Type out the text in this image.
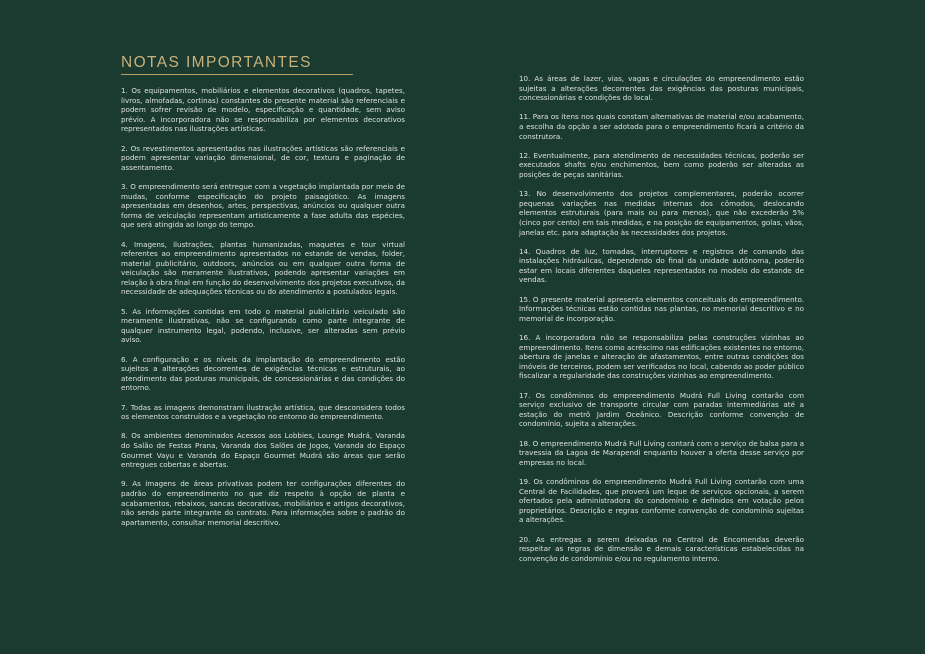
NOTAS IMPORTANTES

1. Os equipamentos, mobiliários e elementos decorativos (quadros, tapetes, livros, almofadas, cortinas) constantes do presente material são referenciais e podem sofrer revisão de modelo, especificação e quantidade, sem aviso prévio. A incorporadora não se responsabiliza por elementos decorativos representados nas ilustrações artísticas.

2. Os revestimentos apresentados nas ilustrações artísticas são referenciais e podem apresentar variação dimensional, de cor, textura e paginação de assentamento.

3. O empreendimento será entregue com a vegetação implantada por meio de mudas, conforme especificação do projeto paisagístico. As imagens apresentadas em desenhos, artes, perspectivas, anúncios ou qualquer outra forma de veiculação representam artisticamente a fase adulta das espécies, que será atingida ao longo do tempo.

4. Imagens, ilustrações, plantas humanizadas, maquetes e tour virtual referentes ao empreendimento apresentados no estande de vendas, folder, material publicitário, outdoors, anúncios ou em qualquer outra forma de veiculação são meramente ilustrativos, podendo apresentar variações em relação à obra final em função do desenvolvimento dos projetos executivos, da necessidade de adequações técnicas ou do atendimento a postulados legais.

5. As informações contidas em todo o material publicitário veiculado são meramente ilustrativas, não se configurando como parte integrante de qualquer instrumento legal, podendo, inclusive, ser alteradas sem prévio aviso.

6. A configuração e os níveis da implantação do empreendimento estão sujeitos a alterações decorrentes de exigências técnicas e estruturais, ao atendimento das posturas municipais, de concessionárias e das condições do entorno.

7. Todas as imagens demonstram ilustração artística, que desconsidera todos os elementos construídos e a vegetação no entorno do empreendimento.

8. Os ambientes denominados Acessos aos Lobbies, Lounge Mudrá, Varanda do Salão de Festas Prana, Varanda dos Salões de Jogos, Varanda do Espaço Gourmet Vayu e Varanda do Espaço Gourmet Mudrá são áreas que serão entregues cobertas e abertas.

9. As imagens de áreas privativas podem ter configurações diferentes do padrão do empreendimento no que diz respeito à opção de planta e acabamentos, rebaixos, sancas decorativas, mobiliários e artigos decorativos, não sendo parte integrante do contrato. Para informações sobre o padrão do apartamento, consultar memorial descritivo.

10. As áreas de lazer, vias, vagas e circulações do empreendimento estão sujeitas a alterações decorrentes das exigências das posturas municipais, concessionárias e condições do local.

11. Para os itens nos quais constam alternativas de material e/ou acabamento, a escolha da opção a ser adotada para o empreendimento ficará a critério da construtora.

12. Eventualmente, para atendimento de necessidades técnicas, poderão ser executados shafts e/ou enchimentos, bem como poderão ser alteradas as posições de peças sanitárias.

13. No desenvolvimento dos projetos complementares, poderão ocorrer pequenas variações nas medidas internas dos cômodos, deslocando elementos estruturais (para mais ou para menos), que não excederão 5% (cinco por cento) em tais medidas, e na posição de equipamentos, golas, vãos, janelas etc. para adaptação às necessidades dos projetos.

14. Quadros de luz, tomadas, interruptores e registros de comando das instalações hidráulicas, dependendo do final da unidade autônoma, poderão estar em locais diferentes daqueles representados no modelo do estande de vendas.

15. O presente material apresenta elementos conceituais do empreendimento. Informações técnicas estão contidas nas plantas, no memorial descritivo e no memorial de incorporação.

16. A incorporadora não se responsabiliza pelas construções vizinhas ao empreendimento. Itens como acréscimo nas edificações existentes no entorno, abertura de janelas e alteração de afastamentos, entre outras condições dos imóveis de terceiros, podem ser verificados no local, cabendo ao poder público fiscalizar a regularidade das construções vizinhas ao empreendimento.

17. Os condôminos do empreendimento Mudrá Full Living contarão com serviço exclusivo de transporte circular com paradas intermediárias até a estação do metrô Jardim Oceânico. Descrição conforme convenção de condomínio, sujeita a alterações.

18. O empreendimento Mudrá Full Living contará com o serviço de balsa para a travessia da Lagoa de Marapendi enquanto houver a oferta desse serviço por empresas no local.

19. Os condôminos do empreendimento Mudrá Full Living contarão com uma Central de Facilidades, que proverá um leque de serviços opcionais, a serem ofertados pela administradora do condomínio e definidos em votação pelos proprietários. Descrição e regras conforme convenção de condomínio sujeitas a alterações.

20. As entregas a serem deixadas na Central de Encomendas deverão respeitar as regras de dimensão e demais características estabelecidas na convenção de condomínio e/ou no regulamento interno.
